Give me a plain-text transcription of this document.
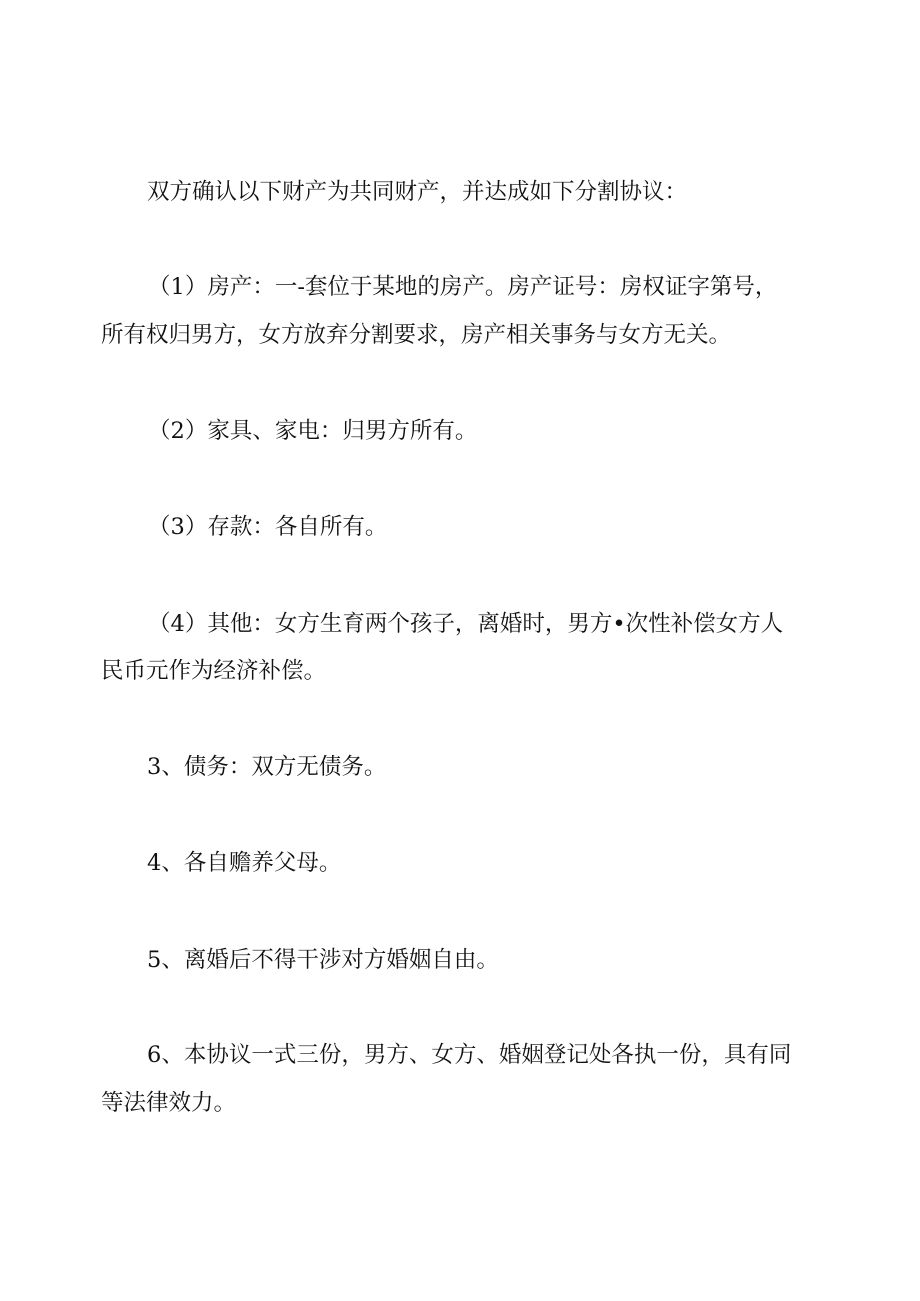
双方确认以下财产为共同财产，并达成如下分割协议：
（1）房产：一-套位于某地的房产。房产证号：房权证字第号，
所有权归男方，女方放弃分割要求，房产相关事务与女方无关。
（2）家具、家电：归男方所有。
（3）存款：各自所有。
（4）其他：女方生育两个孩子，离婚时，男方•次性补偿女方人
民币元作为经济补偿。
3、债务：双方无债务。
4、各自赡养父母。
5、离婚后不得干涉对方婚姻自由。
6、本协议一式三份，男方、女方、婚姻登记处各执一份，具有同
等法律效力。
